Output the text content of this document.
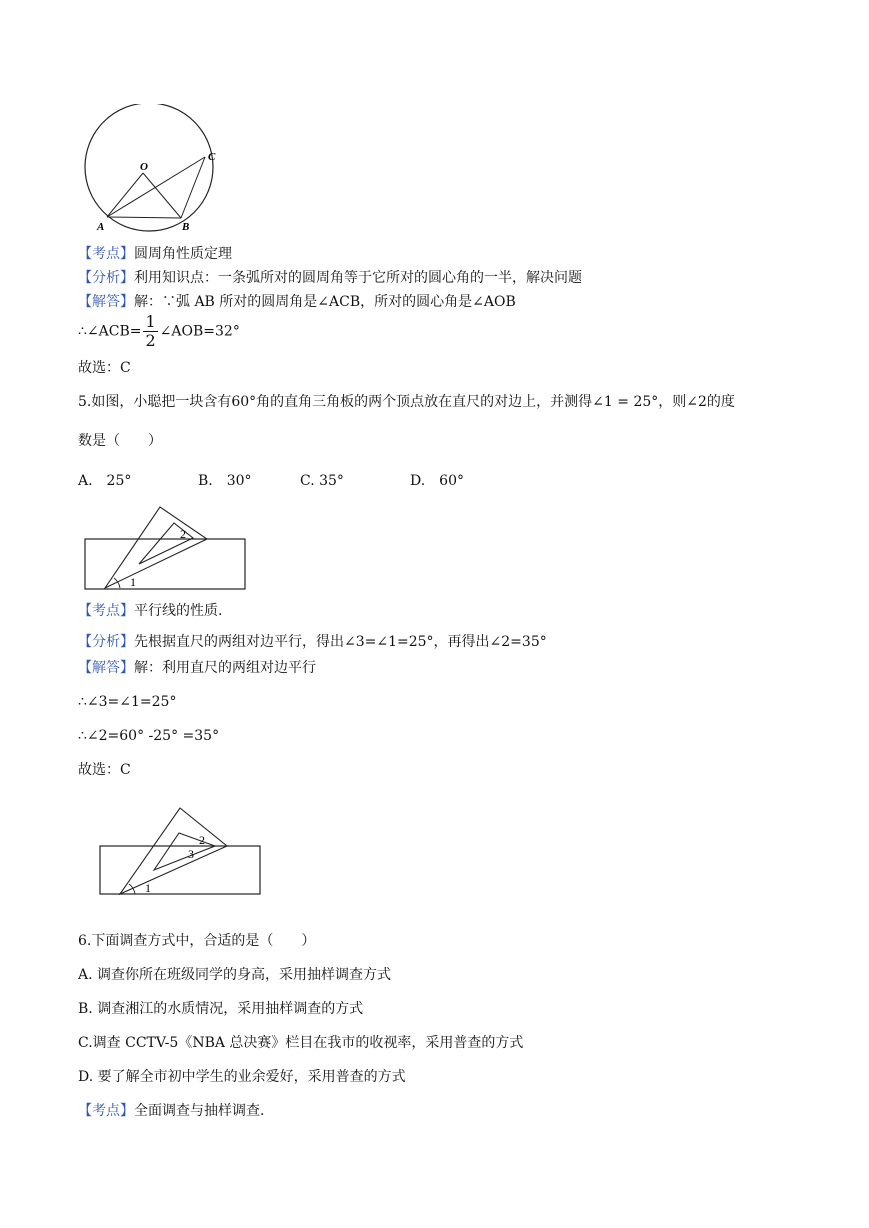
O
C
A	B
【考点】圆周角性质定理
【分析】利用知识点：一条弧所对的圆周角等于它所对的圆心角的一半，解决问题
【解答】解：∵弧 AB 所对的圆周角是∠ACB，所对的圆心角是∠AOB
∴∠ACB= $\frac{1}{2}$ ∠AOB=32°
故选：C
5.如图，小聪把一块含有60°角的直角三角板的两个顶点放在直尺的对边上，并测得∠1 = 25°，则∠2的度
数是（　　）
A.　25°	B.　30°	C. 35°	D.　60°
1
2
【考点】平行线的性质.
【分析】先根据直尺的两组对边平行，得出∠3=∠1=25°，再得出∠2=35°
【解答】解：利用直尺的两组对边平行
∴∠3=∠1=25°
∴∠2=60° -25° =35°
故选：C
1
2
3
6.下面调查方式中，合适的是（　　）
A. 调查你所在班级同学的身高，采用抽样调查方式
B. 调查湘江的水质情况，采用抽样调查的方式
C.调查 CCTV-5《NBA 总决赛》栏目在我市的收视率，采用普查的方式
D. 要了解全市初中学生的业余爱好，采用普查的方式
【考点】全面调查与抽样调查.
